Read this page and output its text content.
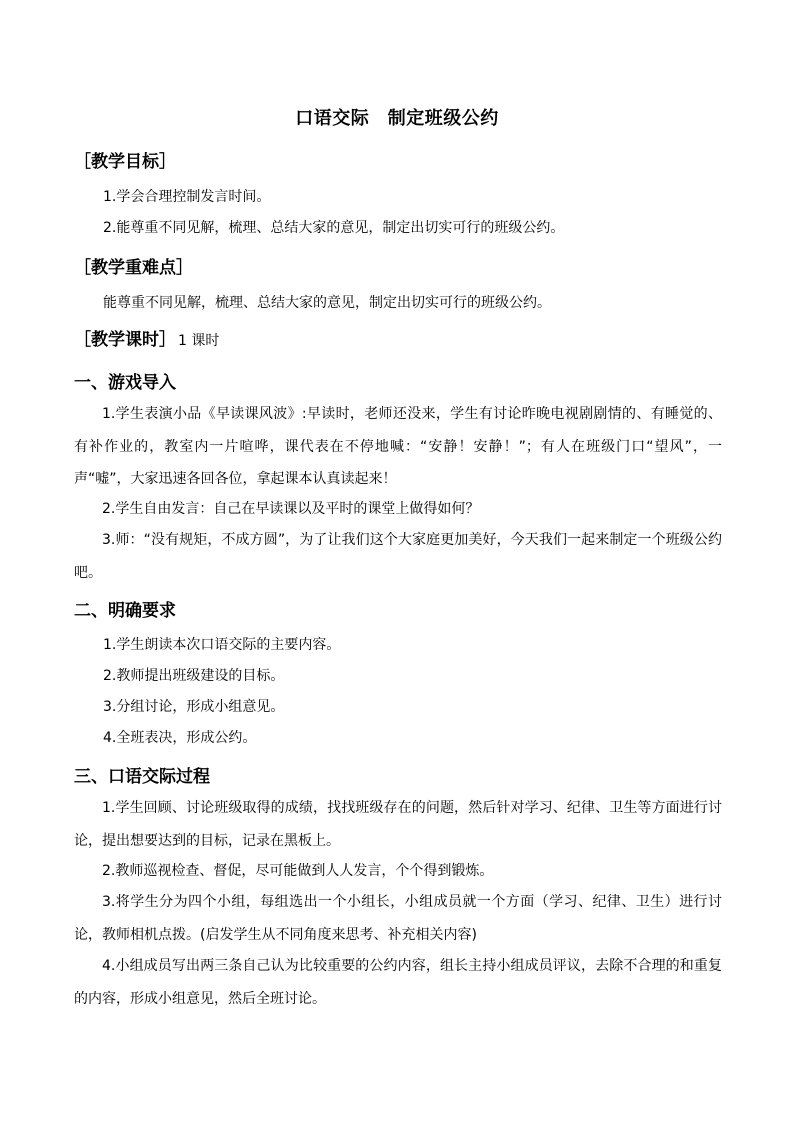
口语交际　制定班级公约
［教学目标］
1.学会合理控制发言时间。
2.能尊重不同见解，梳理、总结大家的意见，制定出切实可行的班级公约。
［教学重难点］
能尊重不同见解，梳理、总结大家的意见，制定出切实可行的班级公约。
［教学课时］ 1 课时
一、游戏导入
1.学生表演小品《早读课风波》:早读时，老师还没来，学生有讨论昨晚电视剧剧情的、有睡觉的、有补作业的，教室内一片喧哗，课代表在不停地喊：“安静！安静！”；有人在班级门口“望风”，一声“嘘”，大家迅速各回各位，拿起课本认真读起来！
2.学生自由发言：自己在早读课以及平时的课堂上做得如何？
3.师：“没有规矩，不成方圆”，为了让我们这个大家庭更加美好，今天我们一起来制定一个班级公约吧。
二、明确要求
1.学生朗读本次口语交际的主要内容。
2.教师提出班级建设的目标。
3.分组讨论，形成小组意见。
4.全班表决，形成公约。
三、口语交际过程
1.学生回顾、讨论班级取得的成绩，找找班级存在的问题，然后针对学习、纪律、卫生等方面进行讨论，提出想要达到的目标，记录在黑板上。
2.教师巡视检查、督促，尽可能做到人人发言，个个得到锻炼。
3.将学生分为四个小组，每组选出一个小组长，小组成员就一个方面（学习、纪律、卫生）进行讨论，教师相机点拨。(启发学生从不同角度来思考、补充相关内容)
4.小组成员写出两三条自己认为比较重要的公约内容，组长主持小组成员评议，去除不合理的和重复的内容，形成小组意见，然后全班讨论。
